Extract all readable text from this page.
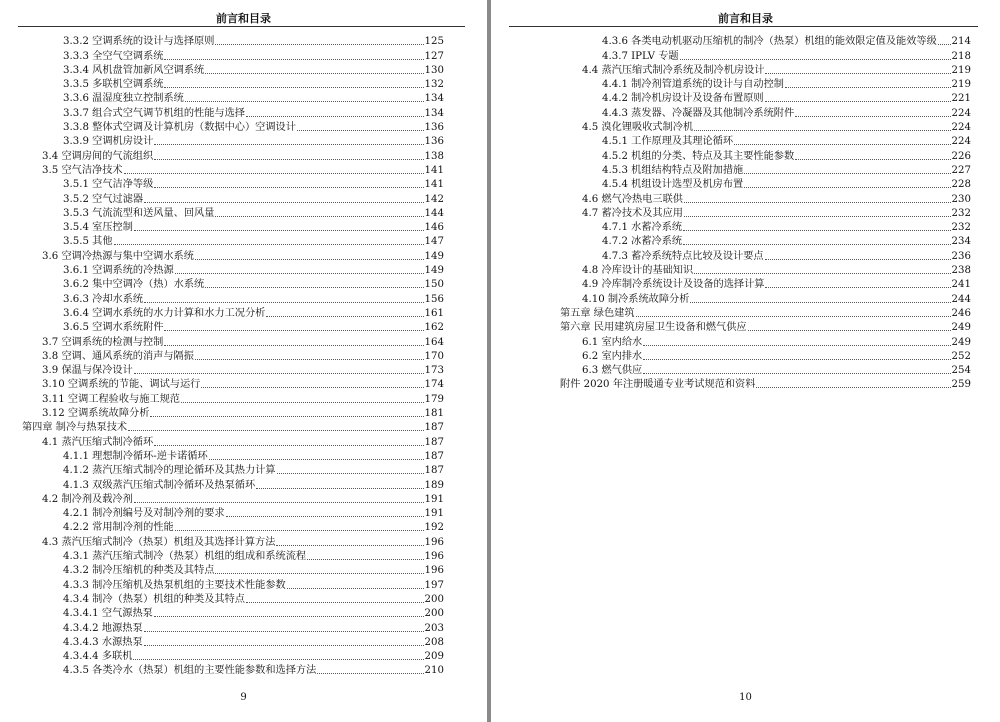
前言和目录
3.3.2 空调系统的设计与选择原则	125
3.3.3 全空气空调系统	127
3.3.4 风机盘管加新风空调系统	130
3.3.5 多联机空调系统	132
3.3.6 温湿度独立控制系统	134
3.3.7 组合式空气调节机组的性能与选择	134
3.3.8 整体式空调及计算机房（数据中心）空调设计	136
3.3.9 空调机房设计	136
3.4 空调房间的气流组织	138
3.5 空气洁净技术	141
3.5.1 空气洁净等级	141
3.5.2 空气过滤器	142
3.5.3 气流流型和送风量、回风量	144
3.5.4 室压控制	146
3.5.5 其他	147
3.6 空调冷热源与集中空调水系统	149
3.6.1 空调系统的冷热源	149
3.6.2 集中空调冷（热）水系统	150
3.6.3 冷却水系统	156
3.6.4 空调水系统的水力计算和水力工况分析	161
3.6.5 空调水系统附件	162
3.7 空调系统的检测与控制	164
3.8 空调、通风系统的消声与隔振	170
3.9 保温与保冷设计	173
3.10 空调系统的节能、调试与运行	174
3.11 空调工程验收与施工规范	179
3.12 空调系统故障分析	181
第四章 制冷与热泵技术	187
4.1 蒸汽压缩式制冷循环	187
4.1.1 理想制冷循环-逆卡诺循环	187
4.1.2 蒸汽压缩式制冷的理论循环及其热力计算	187
4.1.3 双级蒸汽压缩式制冷循环及热泵循环	189
4.2 制冷剂及载冷剂	191
4.2.1 制冷剂编号及对制冷剂的要求	191
4.2.2 常用制冷剂的性能	192
4.3 蒸汽压缩式制冷（热泵）机组及其选择计算方法	196
4.3.1 蒸汽压缩式制冷（热泵）机组的组成和系统流程	196
4.3.2 制冷压缩机的种类及其特点	196
4.3.3 制冷压缩机及热泵机组的主要技术性能参数	197
4.3.4 制冷（热泵）机组的种类及其特点	200
4.3.4.1 空气源热泵	200
4.3.4.2 地源热泵	203
4.3.4.3 水源热泵	208
4.3.4.4 多联机	209
4.3.5 各类冷水（热泵）机组的主要性能参数和选择方法	210
9
前言和目录
4.3.6 各类电动机驱动压缩机的制冷（热泵）机组的能效限定值及能效等级 214
4.3.7 IPLV 专题	218
4.4 蒸汽压缩式制冷系统及制冷机房设计	219
4.4.1 制冷剂管道系统的设计与自动控制	219
4.4.2 制冷机房设计及设备布置原则	221
4.4.3 蒸发器、冷凝器及其他制冷系统附件	224
4.5 溴化锂吸收式制冷机	224
4.5.1 工作原理及其理论循环	224
4.5.2 机组的分类、特点及其主要性能参数	226
4.5.3 机组结构特点及附加措施	227
4.5.4 机组设计选型及机房布置	228
4.6 燃气冷热电三联供	230
4.7 蓄冷技术及其应用	232
4.7.1 水蓄冷系统	232
4.7.2 冰蓄冷系统	234
4.7.3 蓄冷系统特点比较及设计要点	236
4.8 冷库设计的基础知识	238
4.9 冷库制冷系统设计及设备的选择计算	241
4.10 制冷系统故障分析	244
第五章 绿色建筑	246
第六章 民用建筑房屋卫生设备和燃气供应	249
6.1 室内给水	249
6.2 室内排水	252
6.3 燃气供应	254
附件 2020 年注册暖通专业考试规范和资料	259
10
